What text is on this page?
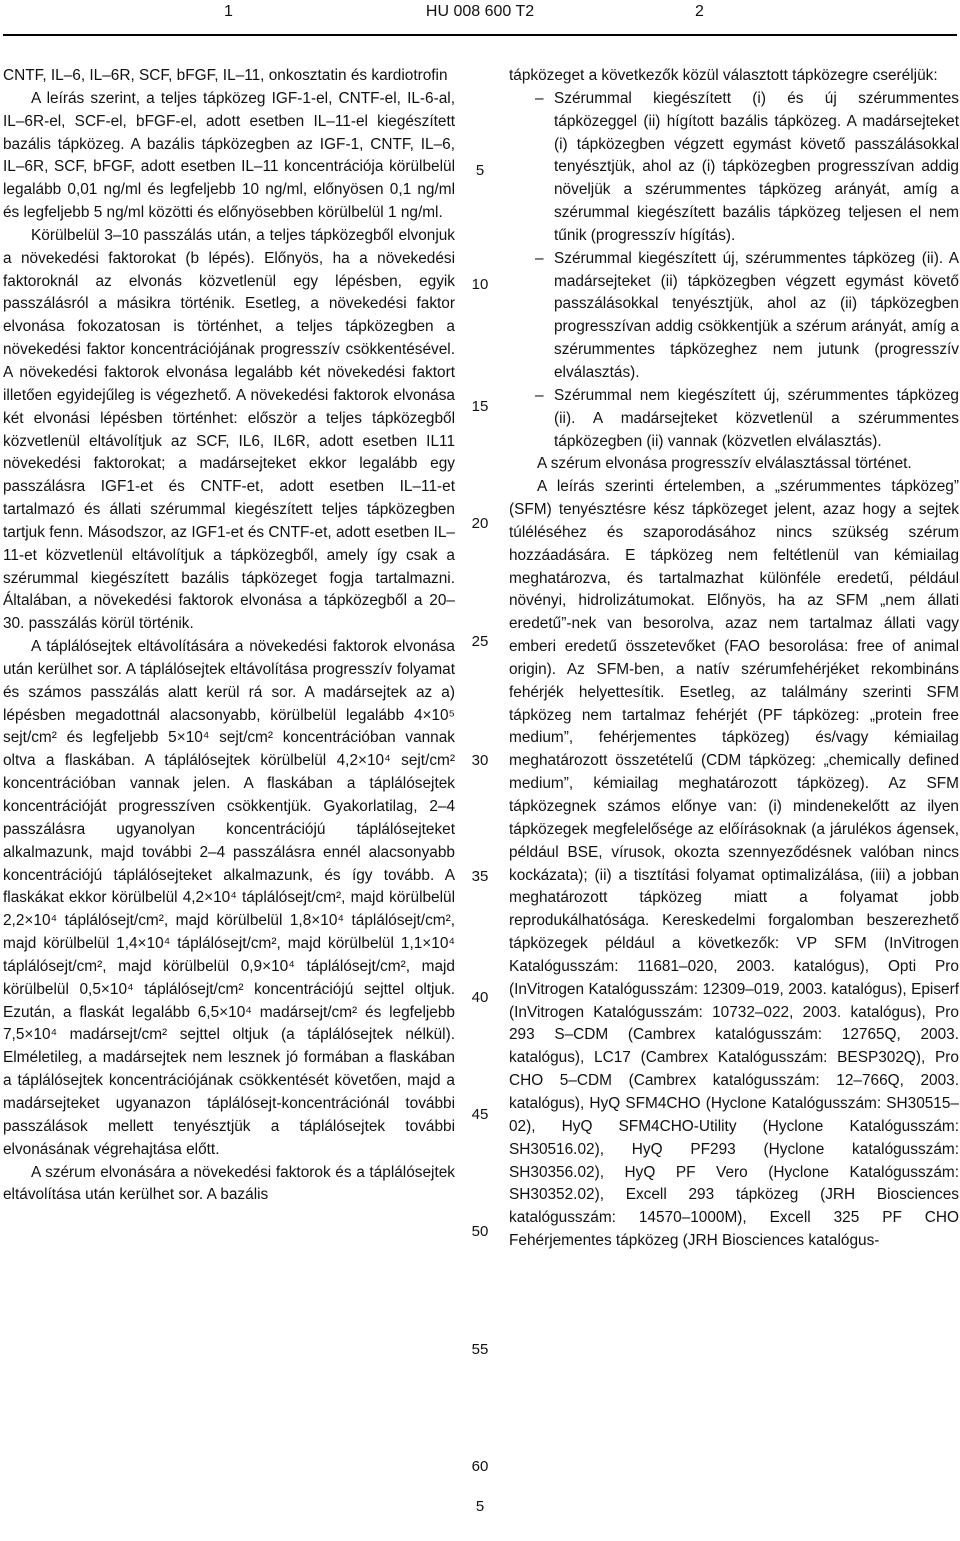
1	HU 008 600 T2	2

CNTF, IL–6, IL–6R, SCF, bFGF, IL–11, onkosztatin és kardiotrofin

A leírás szerint, a teljes tápközeg IGF-1-el, CNTF-el, IL-6-al, IL–6R-el, SCF-el, bFGF-el, adott esetben IL–11-el kiegészített bazális tápközeg. A bazális tápközegben az IGF-1, CNTF, IL–6, IL–6R, SCF, bFGF, adott esetben IL–11 koncentrációja körülbelül legalább 0,01 ng/ml és legfeljebb 10 ng/ml, előnyösen 0,1 ng/ml és legfeljebb 5 ng/ml közötti és előnyösebben körülbelül 1 ng/ml.

Körülbelül 3–10 passzálás után, a teljes tápközegből elvonjuk a növekedési faktorokat (b lépés). Előnyös, ha a növekedési faktoroknál az elvonás közvetlenül egy lépésben, egyik passzálásról a másikra történik. Esetleg, a növekedési faktor elvonása fokozatosan is történhet, a teljes tápközegben a növekedési faktor koncentrációjának progresszív csökkentésével. A növekedési faktorok elvonása legalább két növekedési faktort illetően egyidejűleg is végezhető. A növekedési faktorok elvonása két elvonási lépésben történhet: először a teljes tápközegből közvetlenül eltávolítjuk az SCF, IL6, IL6R, adott esetben IL11 növekedési faktorokat; a madársejteket ekkor legalább egy passzálásra IGF1-et és CNTF-et, adott esetben IL–11-et tartalmazó és állati szérummal kiegészített teljes tápközegben tartjuk fenn. Másodszor, az IGF1-et és CNTF-et, adott esetben IL–11-et közvetlenül eltávolítjuk a tápközegből, amely így csak a szérummal kiegészített bazális tápközeget fogja tartalmazni. Általában, a növekedési faktorok elvonása a tápközegből a 20–30. passzálás körül történik.

A táplálósejtek eltávolítására a növekedési faktorok elvonása után kerülhet sor. A táplálósejtek eltávolítása progresszív folyamat és számos passzálás alatt kerül rá sor. A madársejtek az a) lépésben megadottnál alacsonyabb, körülbelül legalább 4×10⁵ sejt/cm² és legfeljebb 5×10⁴ sejt/cm² koncentrációban vannak oltva a flaskában. A táplálósejtek körülbelül 4,2×10⁴ sejt/cm² koncentrációban vannak jelen. A flaskában a táplálósejtek koncentrációját progresszíven csökkentjük. Gyakorlatilag, 2–4 passzálásra ugyanolyan koncentrációjú táplálósejteket alkalmazunk, majd további 2–4 passzálásra ennél alacsonyabb koncentrációjú táplálósejteket alkalmazunk, és így tovább. A flaskákat ekkor körülbelül 4,2×10⁴ táplálósejt/cm², majd körülbelül 2,2×10⁴ táplálósejt/cm², majd körülbelül 1,8×10⁴ táplálósejt/cm², majd körülbelül 1,4×10⁴ táplálósejt/cm², majd körülbelül 1,1×10⁴ táplálósejt/cm², majd körülbelül 0,9×10⁴ táplálósejt/cm², majd körülbelül 0,5×10⁴ táplálósejt/cm² koncentrációjú sejttel oltjuk. Ezután, a flaskát legalább 6,5×10⁴ madársejt/cm² és legfeljebb 7,5×10⁴ madársejt/cm² sejttel oltjuk (a táplálósejtek nélkül). Elméletileg, a madársejtek nem lesznek jó formában a flaskában a táplálósejtek koncentrációjának csökkentését követően, majd a madársejteket ugyanazon táplálósejt-koncentrációnál további passzálások mellett tenyésztjük a táplálósejtek további elvonásának végrehajtása előtt.

A szérum elvonására a növekedési faktorok és a táplálósejtek eltávolítása után kerülhet sor. A bazális

tápközeget a következők közül választott tápközegre cseréljük:

– Szérummal kiegészített (i) és új szérummentes tápközeggel (ii) hígított bazális tápközeg. A madársejteket (i) tápközegben végzett egymást követő passzálásokkal tenyésztjük, ahol az (i) tápközegben progresszívan addig növeljük a szérummentes tápközeg arányát, amíg a szérummal kiegészített bazális tápközeg teljesen el nem tűnik (progresszív hígítás).
– Szérummal kiegészített új, szérummentes tápközeg (ii). A madársejteket (ii) tápközegben végzett egymást követő passzálásokkal tenyésztjük, ahol az (ii) tápközegben progresszívan addig csökkentjük a szérum arányát, amíg a szérummentes tápközeghez nem jutunk (progresszív elválasztás).
– Szérummal nem kiegészített új, szérummentes tápközeg (ii). A madársejteket közvetlenül a szérummentes tápközegben (ii) vannak (közvetlen elválasztás).

A szérum elvonása progresszív elválasztással történet.

A leírás szerinti értelemben, a „szérummentes tápközeg” (SFM) tenyésztésre kész tápközeget jelent, azaz hogy a sejtek túléléséhez és szaporodásához nincs szükség szérum hozzáadására. E tápközeg nem feltétlenül van kémiailag meghatározva, és tartalmazhat különféle eredetű, például növényi, hidrolizátumokat. Előnyös, ha az SFM „nem állati eredetű”-nek van besorolva, azaz nem tartalmaz állati vagy emberi eredetű összetevőket (FAO besorolása: free of animal origin). Az SFM-ben, a natív szérumfehérjéket rekombináns fehérjék helyettesítik. Esetleg, az találmány szerinti SFM tápközeg nem tartalmaz fehérjét (PF tápközeg: „protein free medium”, fehérjementes tápközeg) és/vagy kémiailag meghatározott összetételű (CDM tápközeg: „chemically defined medium”, kémiailag meghatározott tápközeg). Az SFM tápközegnek számos előnye van: (i) mindenekelőtt az ilyen tápközegek megfelelősége az előírásoknak (a járulékos ágensek, például BSE, vírusok, okozta szennyeződésnek valóban nincs kockázata); (ii) a tisztítási folyamat optimalizálása, (iii) a jobban meghatározott tápközeg miatt a folyamat jobb reprodukálhatósága. Kereskedelmi forgalomban beszerezhető tápközegek például a következők: VP SFM (InVitrogen Katalógusszám: 11681–020, 2003. katalógus), Opti Pro (InVitrogen Katalógusszám: 12309–019, 2003. katalógus), Episerf (InVitrogen Katalógusszám: 10732–022, 2003. katalógus), Pro 293 S–CDM (Cambrex katalógusszám: 12765Q, 2003. katalógus), LC17 (Cambrex Katalógusszám: BESP302Q), Pro CHO 5–CDM (Cambrex katalógusszám: 12–766Q, 2003. katalógus), HyQ SFM4CHO (Hyclone Katalógusszám: SH30515–02), HyQ SFM4CHO-Utility (Hyclone Katalógusszám: SH30516.02), HyQ PF293 (Hyclone katalógusszám: SH30356.02), HyQ PF Vero (Hyclone Katalógusszám: SH30352.02), Excell 293 tápközeg (JRH Biosciences katalógusszám: 14570–1000M), Excell 325 PF CHO Fehérjementes tápközeg (JRH Biosciences katalógus-

5
10
15
20
25
30
35
40
45
50
55
60
5
